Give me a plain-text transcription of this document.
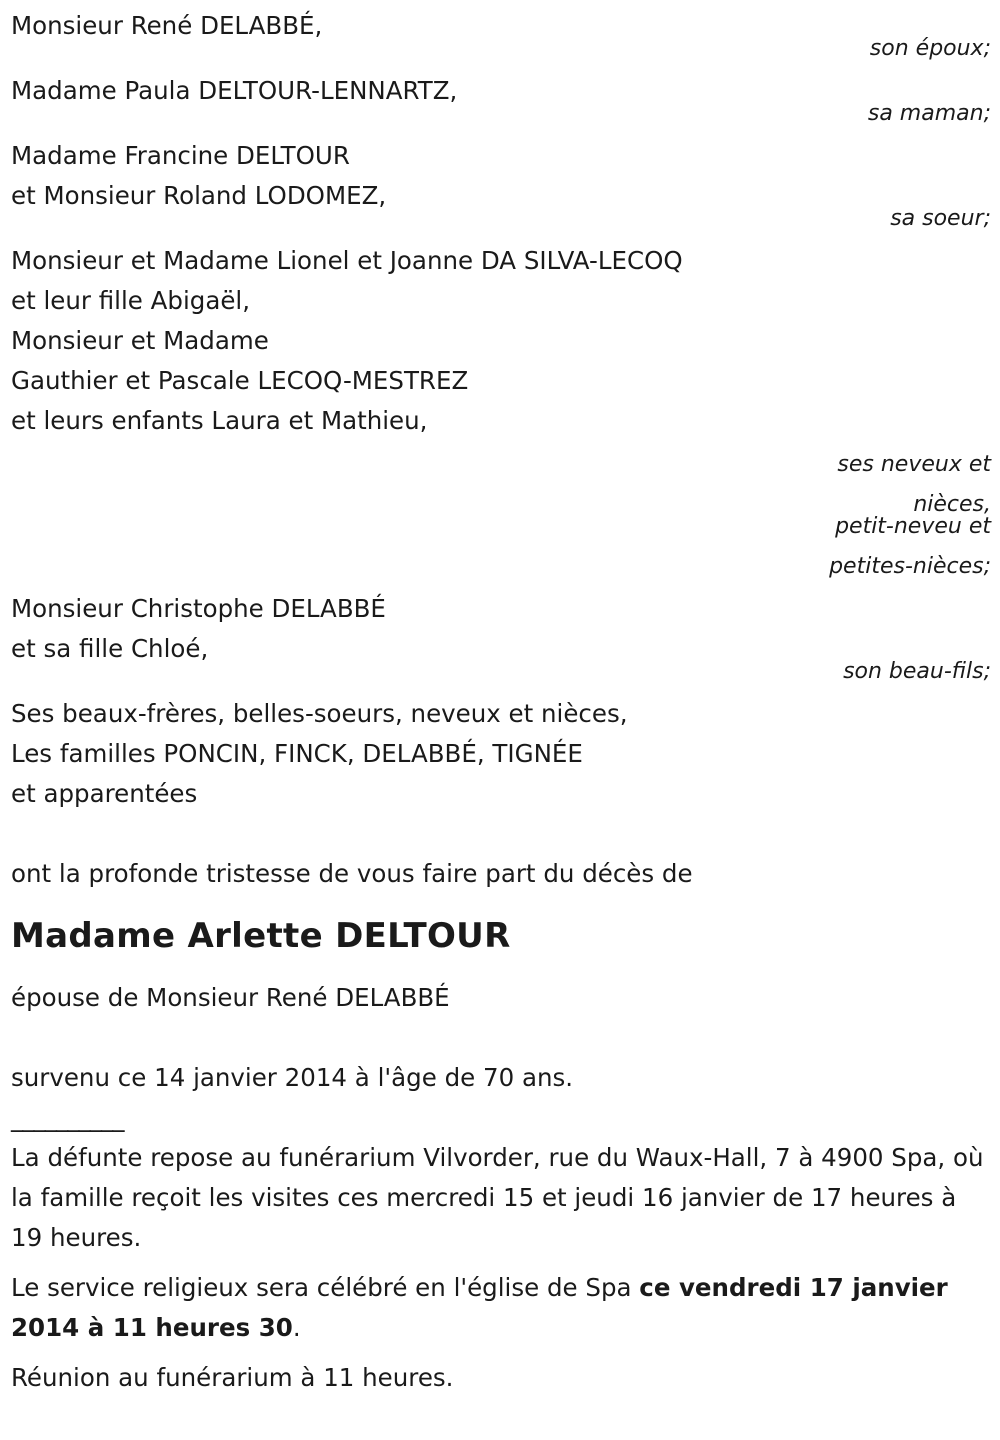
Monsieur René DELABBÉ,
son époux;
Madame Paula DELTOUR-LENNARTZ,
sa maman;
Madame Francine DELTOUR
et Monsieur Roland LODOMEZ,
sa soeur;
Monsieur et Madame Lionel et Joanne DA SILVA-LECOQ
et leur fille Abigaël,
Monsieur et Madame
Gauthier et Pascale LECOQ-MESTREZ
et leurs enfants Laura et Mathieu,
ses neveux et
nièces,
petit-neveu et
petites-nièces;
Monsieur Christophe DELABBÉ
et sa fille Chloé,
son beau-fils;
Ses beaux-frères, belles-soeurs, neveux et nièces,
Les familles PONCIN, FINCK, DELABBÉ, TIGNÉE
et apparentées
ont la profonde tristesse de vous faire part du décès de
Madame Arlette DELTOUR
épouse de Monsieur René DELABBÉ
survenu ce 14 janvier 2014 à l'âge de 70 ans.
__________
La défunte repose au funérarium Vilvorder, rue du Waux-Hall, 7 à 4900 Spa, où la famille reçoit les visites ces mercredi 15 et jeudi 16 janvier de 17 heures à 19 heures.
Le service religieux sera célébré en l'église de Spa ce vendredi 17 janvier 2014 à 11 heures 30.
Réunion au funérarium à 11 heures.
